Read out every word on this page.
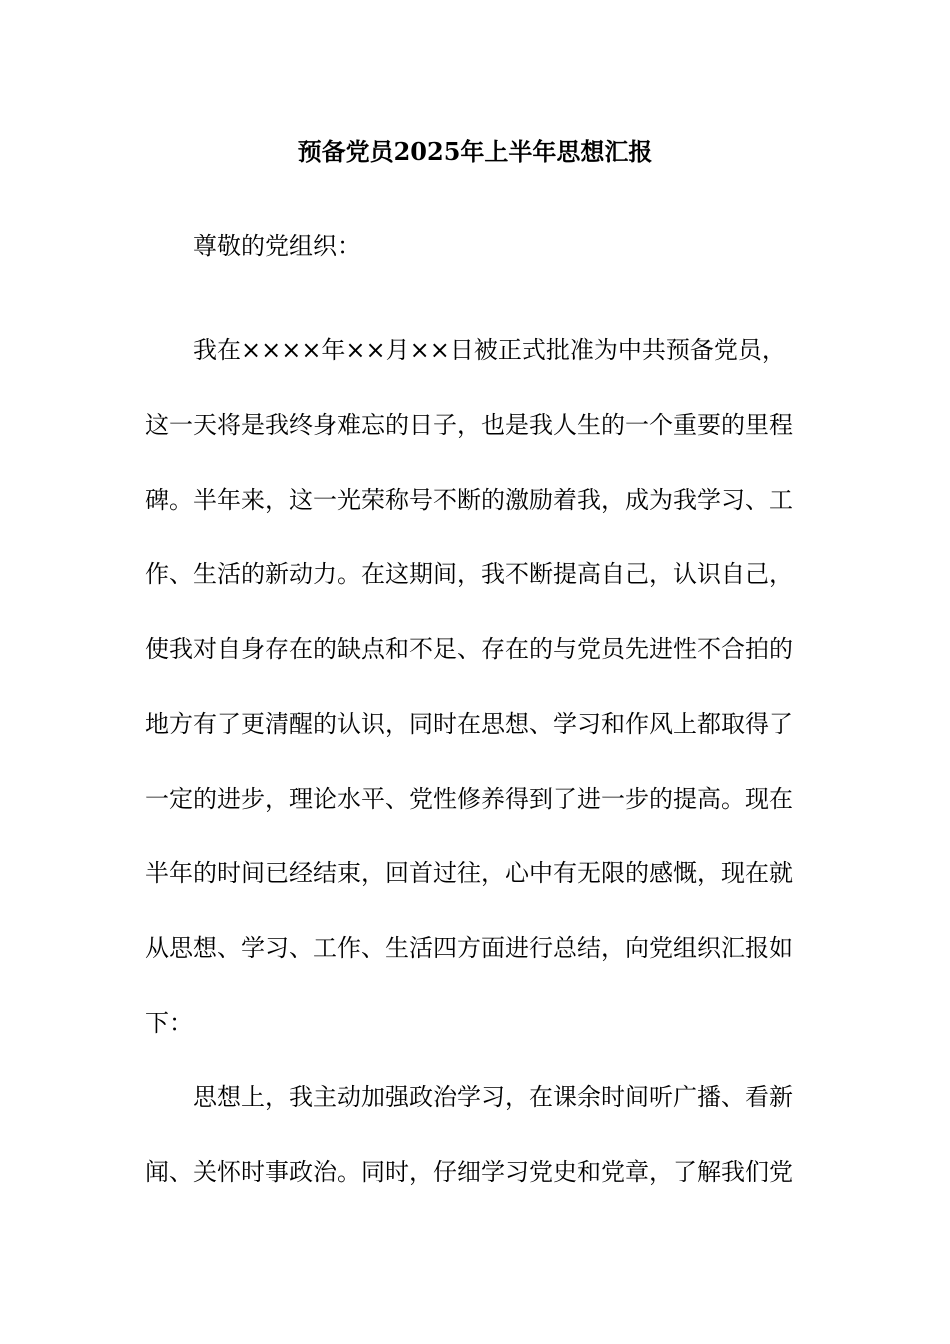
预备党员2025年上半年思想汇报
尊敬的党组织：
我在××××年××月××日被正式批准为中共预备党员，
这一天将是我终身难忘的日子，也是我人生的一个重要的里程
碑。半年来，这一光荣称号不断的激励着我，成为我学习、工
作、生活的新动力。在这期间，我不断提高自己，认识自己，
使我对自身存在的缺点和不足、存在的与党员先进性不合拍的
地方有了更清醒的认识，同时在思想、学习和作风上都取得了
一定的进步，理论水平、党性修养得到了进一步的提高。现在
半年的时间已经结束，回首过往，心中有无限的感慨，现在就
从思想、学习、工作、生活四方面进行总结，向党组织汇报如
下：
思想上，我主动加强政治学习，在课余时间听广播、看新
闻、关怀时事政治。同时，仔细学习党史和党章，了解我们党
